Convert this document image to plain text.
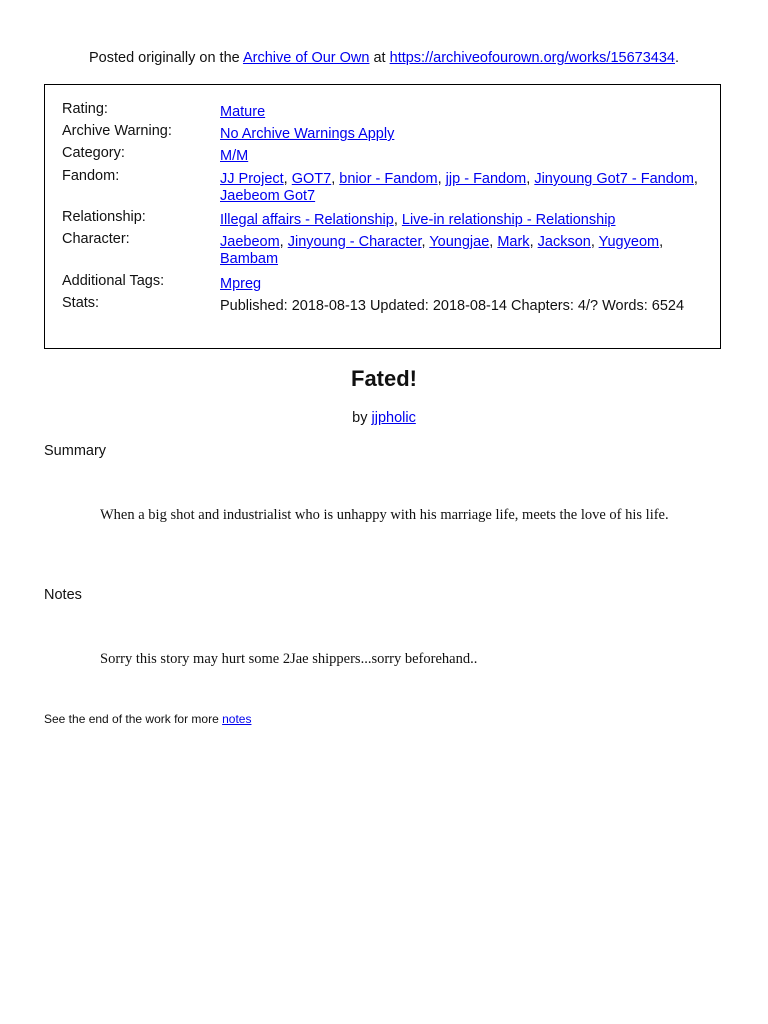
Posted originally on the Archive of Our Own at https://archiveofourown.org/works/15673434.
Rating:	Mature
Archive Warning:	No Archive Warnings Apply
Category:	M/M
Fandom:	JJ Project, GOT7, bnior - Fandom, jjp - Fandom, Jinyoung Got7 - Fandom, Jaebeom Got7
Relationship:	Illegal affairs - Relationship, Live-in relationship - Relationship
Character:	Jaebeom, Jinyoung - Character, Youngjae, Mark, Jackson, Yugyeom, Bambam
Additional Tags:	Mpreg
Stats:	Published: 2018-08-13 Updated: 2018-08-14 Chapters: 4/? Words: 6524
Fated!
by jjpholic
Summary
When a big shot and industrialist who is unhappy with his marriage life, meets the love of his life.
Notes
Sorry this story may hurt some 2Jae shippers...sorry beforehand..
See the end of the work for more notes
